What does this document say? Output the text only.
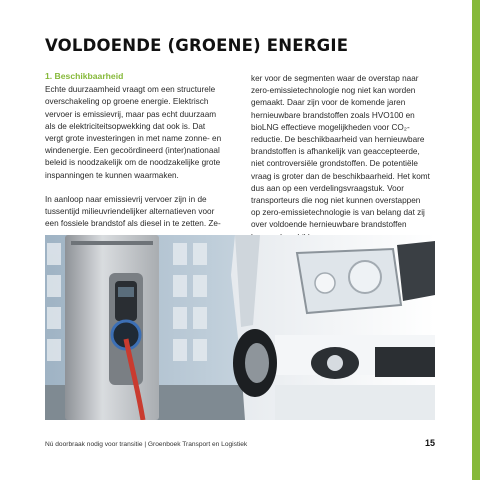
VOLDOENDE (GROENE) ENERGIE
1. Beschikbaarheid

Echte duurzaamheid vraagt om een structurele overschakeling op groene energie. Elektrisch vervoer is emissievrij, maar pas echt duurzaam als de elektriciteitsopwekking dat ook is. Dat vergt grote investeringen in met name zonne- en windenergie. Een gecoördineerd (inter)nationaal beleid is noodzakelijk om de noodzakelijke grote inspanningen te kunnen waarmaken.

In aanloop naar emissievrij vervoer zijn in de tussentijd milieuvriendelijker alternatieven voor een fossiele brandstof als diesel in te zetten. Ze-

ker voor de segmenten waar de overstap naar zero-emissietechnologie nog niet kan worden gemaakt. Daar zijn voor de komende jaren hernieuwbare brandstoffen zoals HVO100 en bioLNG effectieve mogelijkheden voor CO₂-reductie. De beschikbaarheid van hernieuwbare brandstoffen is afhankelijk van geaccepteerde, niet controversiële grondstoffen. De potentiële vraag is groter dan de beschikbaarheid. Het komt dus aan op een verdelingsvraagstuk. Voor transporteurs die nog niet kunnen overstappen op zero-emissietechnologie is van belang dat zij over voldoende hernieuwbare brandstoffen

Nú doorbraak nodig voor transitie | Groenboek Transport en Logistiek	15
